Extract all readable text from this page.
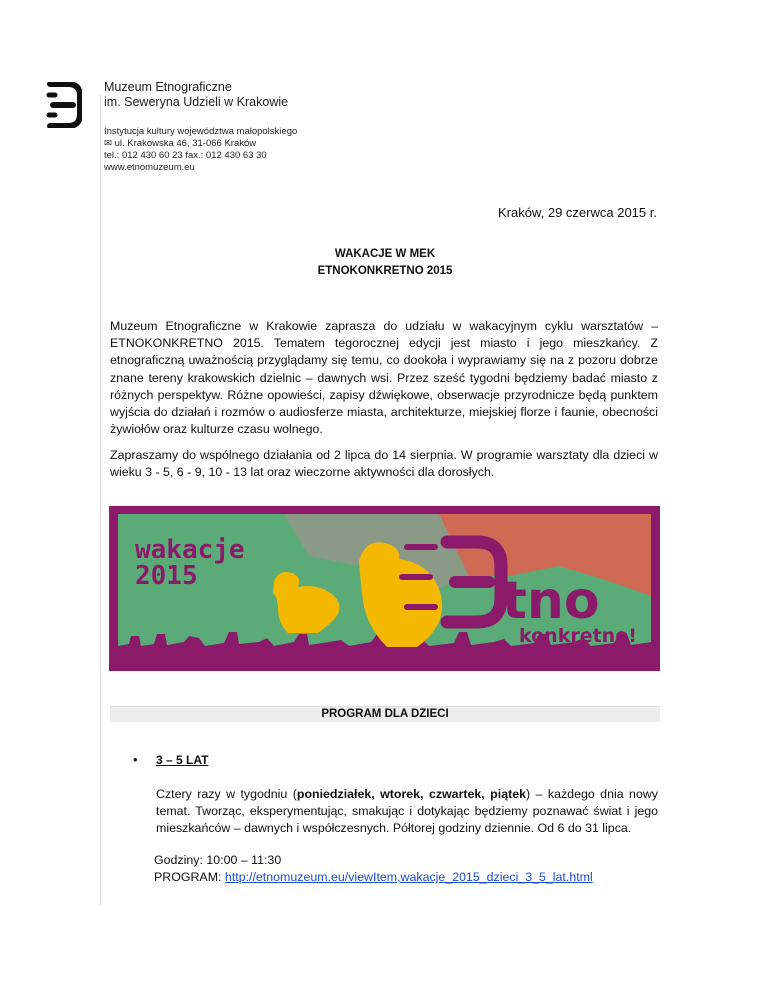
Muzeum Etnograficzne
im. Seweryna Udzieli w Krakowie
Instytucja kultury województwa małopolskiego
✉ ul. Krakowska 46, 31-066 Kraków
tel.: 012 430 60 23 fax.: 012 430 63 30
www.etnomuzeum.eu
Kraków, 29 czerwca 2015 r.
WAKACJE W MEK
ETNOKONKRETNO 2015
Muzeum Etnograficzne w Krakowie zaprasza do udziału w wakacyjnym cyklu warsztatów – ETNOKONKRETNO 2015. Tematem tegorocznej edycji jest miasto i jego mieszkańcy. Z etnograficzną uważnością przyglądamy się temu, co dookoła i wyprawiamy się na z pozoru dobrze znane tereny krakowskich dzielnic – dawnych wsi. Przez sześć tygodni będziemy badać miasto z różnych perspektyw. Różne opowieści, zapisy dźwiękowe, obserwacje przyrodnicze będą punktem wyjścia do działań i rozmów o audiosferze miasta, architekturze, miejskiej florze i faunie, obecności żywiołów oraz kulturze czasu wolnego.
Zapraszamy do wspólnego działania od 2 lipca do 14 sierpnia. W programie warsztaty dla dzieci w wieku 3 - 5, 6 - 9, 10 - 13 lat oraz wieczorne aktywności dla dorosłych.
wakacje
2015	tno
konkretno!
PROGRAM DLA DZIECI
• 3 – 5 LAT
Cztery razy w tygodniu (poniedziałek, wtorek, czwartek, piątek) – każdego dnia nowy temat. Tworząc, eksperymentując, smakując i dotykając będziemy poznawać świat i jego mieszkańców – dawnych i współczesnych. Półtorej godziny dziennie. Od 6 do 31 lipca.
Godziny: 10:00 – 11:30
PROGRAM: http://etnomuzeum.eu/viewItem,wakacje_2015_dzieci_3_5_lat.html
